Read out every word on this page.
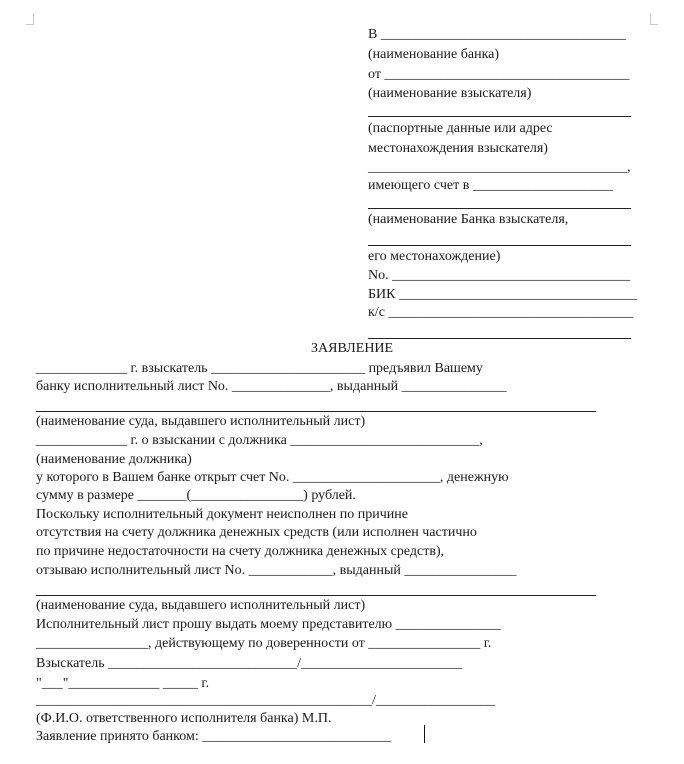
В ___________________________________
(наименование банка)
от ___________________________________
(наименование взыскателя)
(паспортные данные или адрес
местонахождения взыскателя)
_____________________________________,
имеющего счет в ____________________
(наименование Банка взыскателя,
его местонахождение)
No. __________________________________
БИК __________________________________
к/с ___________________________________
ЗАЯВЛЕНИЕ
_____________ г. взыскатель ______________________ предъявил Вашему
банку исполнительный лист No. ______________, выданный _______________
(наименование суда, выдавшего исполнительный лист)
_____________ г. о взыскании с должника ___________________________,
(наименование должника)
у которого в Вашем банке открыт счет No. _____________________, денежную
сумму в размере _______(________________) рублей.
Поскольку исполнительный документ неисполнен по причине
отсутствия на счету должника денежных средств (или исполнен частично
по причине недостаточности на счету должника денежных средств),
отзываю исполнительный лист No. ____________, выданный ________________
(наименование суда, выдавшего исполнительный лист)
Исполнительный лист прошу выдать моему представителю _______________
________________, действующему по доверенности от ________________ г.
Взыскатель ___________________________/_______________________
"___"_____________ _____ г.
________________________________________________/_________________
(Ф.И.О. ответственного исполнителя банка) М.П.
Заявление принято банком: ___________________________
